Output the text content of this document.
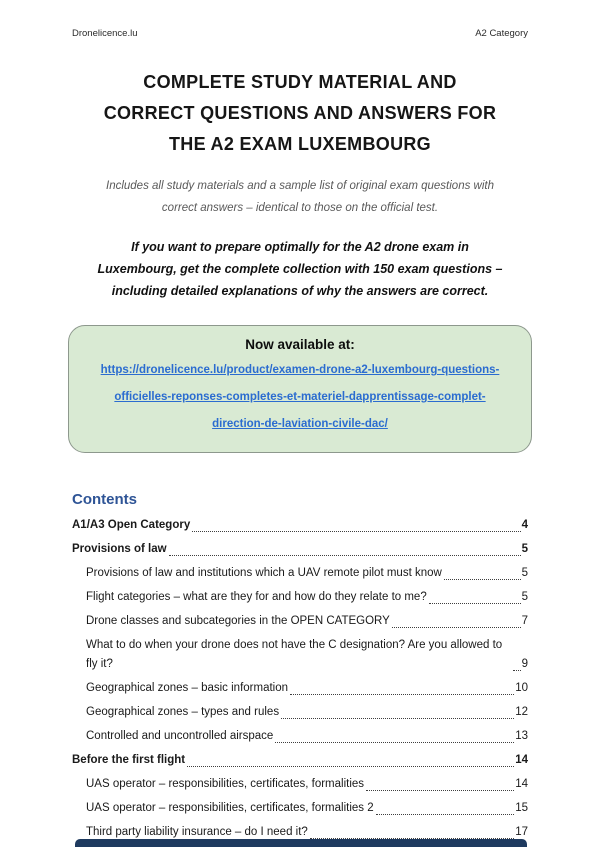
Dronelicence.lu	A2 Category
COMPLETE STUDY MATERIAL AND CORRECT QUESTIONS AND ANSWERS FOR THE A2 EXAM LUXEMBOURG

Includes all study materials and a sample list of original exam questions with correct answers – identical to those on the official test.

If you want to prepare optimally for the A2 drone exam in Luxembourg, get the complete collection with 150 exam questions – including detailed explanations of why the answers are correct.

Now available at:
https://dronelicence.lu/product/examen-drone-a2-luxembourg-questions-officielles-reponses-completes-et-materiel-dapprentissage-complet-direction-de-laviation-civile-dac/
Contents
A1/A3 Open Category	4
Provisions of law	5
Provisions of law and institutions which a UAV remote pilot must know	5
Flight categories – what are they for and how do they relate to me?	5
Drone classes and subcategories in the OPEN CATEGORY	7
What to do when your drone does not have the C designation? Are you allowed to fly it?	9
Geographical zones – basic information	10
Geographical zones – types and rules	12
Controlled and uncontrolled airspace	13
Before the first flight	14
UAS operator – responsibilities, certificates, formalities	14
UAS operator – responsibilities, certificates, formalities 2	15
Third party liability insurance – do I need it?	17
